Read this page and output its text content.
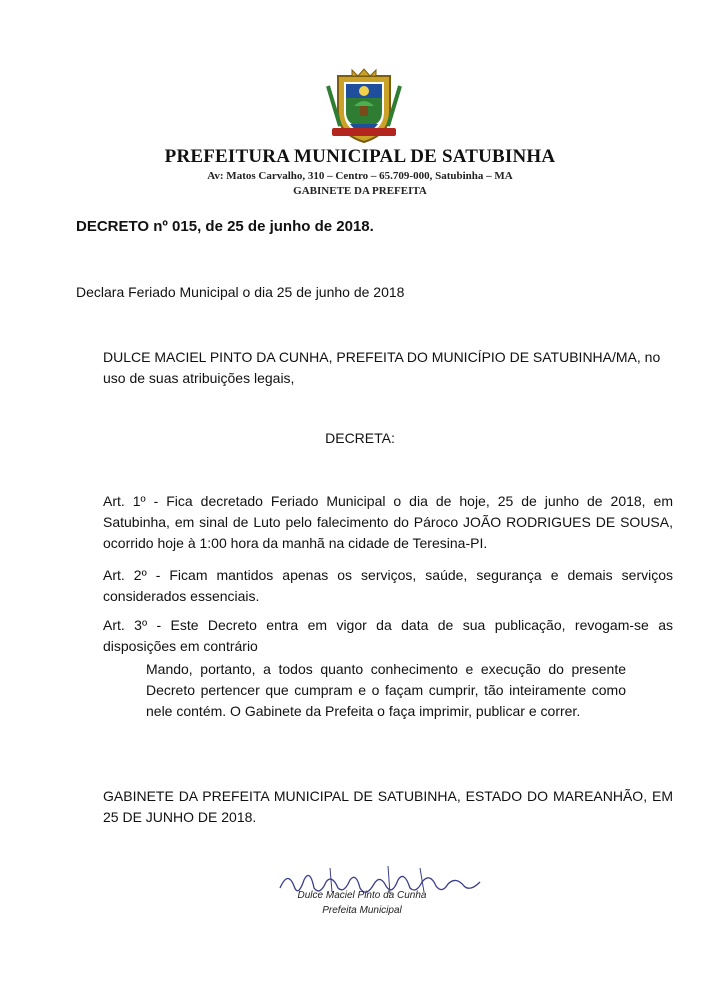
PREFEITURA MUNICIPAL DE SATUBINHA
Av: Matos Carvalho, 310 – Centro – 65.709-000, Satubinha – MA
GABINETE DA PREFEITA
DECRETO nº 015, de 25 de junho de 2018.
Declara Feriado Municipal o dia 25 de junho de 2018
DULCE MACIEL PINTO DA CUNHA, PREFEITA DO MUNICÍPIO DE SATUBINHA/MA, no uso de suas atribuições legais,
DECRETA:
Art. 1º - Fica decretado Feriado Municipal o dia de hoje, 25 de junho de 2018, em Satubinha, em sinal de Luto pelo falecimento do Pároco JOÃO RODRIGUES DE SOUSA, ocorrido hoje à 1:00 hora da manhã na cidade de Teresina-PI.
Art. 2º - Ficam mantidos apenas os serviços, saúde, segurança e demais serviços considerados essenciais.
Art. 3º - Este Decreto entra em vigor da data de sua publicação, revogam-se as disposições em contrário
Mando, portanto, a todos quanto conhecimento e execução do presente Decreto pertencer que cumpram e o façam cumprir, tão inteiramente como nele contém. O Gabinete da Prefeita o faça imprimir, publicar e correr.
GABINETE DA PREFEITA MUNICIPAL DE SATUBINHA, ESTADO DO MAREANHÃO, EM 25 DE JUNHO DE 2018.
Dulce Maciel Pinto da Cunha
Prefeita Municipal
